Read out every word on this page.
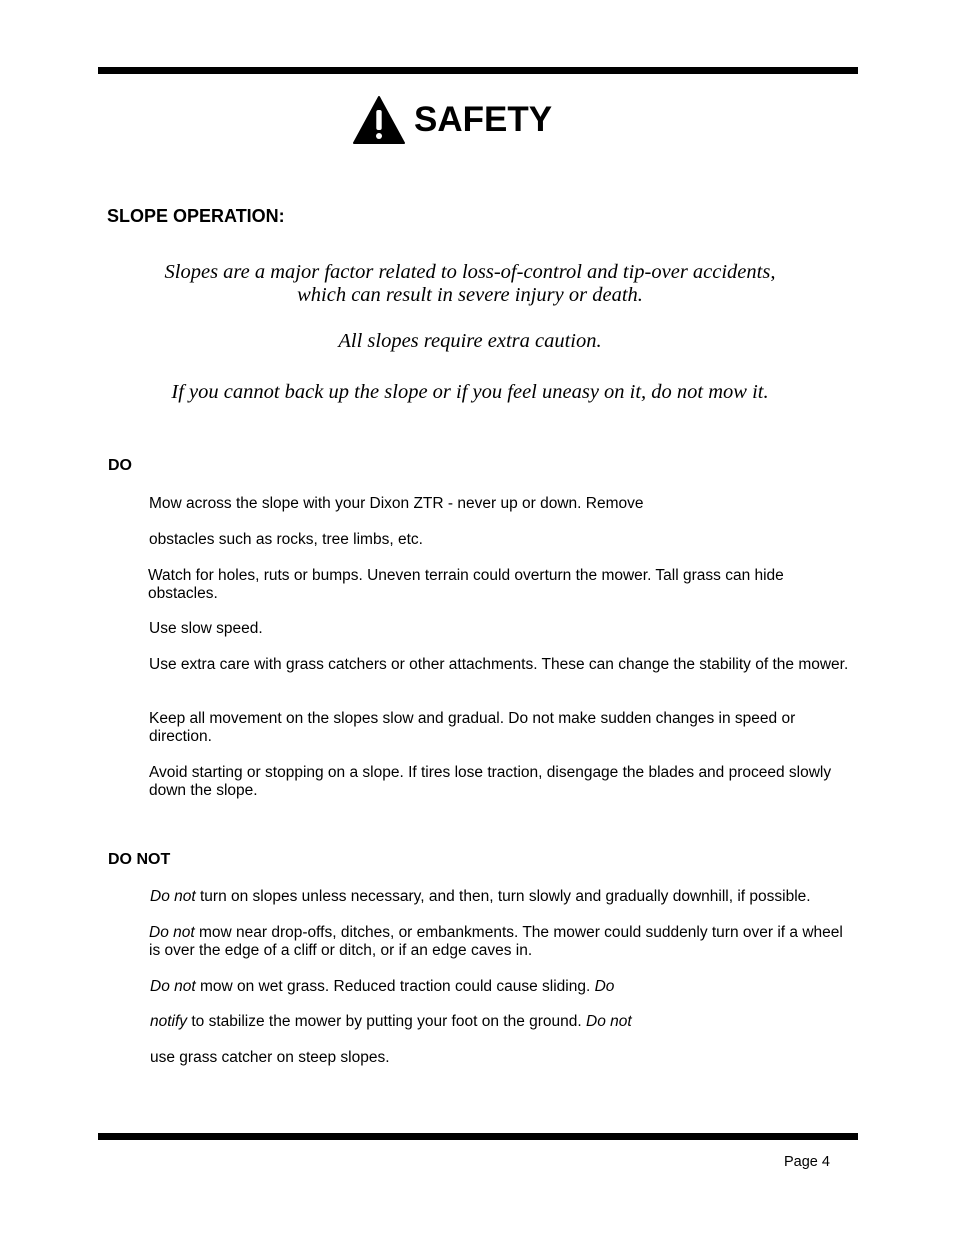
SAFETY
SLOPE OPERATION:
Slopes are a major factor related to loss-of-control and tip-over accidents,
which can result in severe injury or death.
All slopes require extra caution.
If you cannot back up the slope or if you feel uneasy on it, do not mow it.
DO
Mow across the slope with your Dixon ZTR - never up or down. Remove
obstacles such as rocks, tree limbs, etc.
Watch for holes, ruts or bumps. Uneven terrain could overturn the mower. Tall grass can hide obstacles.
Use slow speed.
Use extra care with grass catchers or other attachments. These can change the stability of the mower.
Keep all movement on the slopes slow and gradual. Do not make sudden changes in speed or direction.
Avoid starting or stopping on a slope. If tires lose traction, disengage the blades and proceed slowly down the slope.
DO NOT
Do not turn on slopes unless necessary, and then, turn slowly and gradually downhill, if possible.
Do not mow near drop-offs, ditches, or embankments. The mower could suddenly turn over if a wheel is over the edge of a cliff or ditch, or if an edge caves in.
Do not mow on wet grass. Reduced traction could cause sliding. Do
notify to stabilize the mower by putting your foot on the ground. Do not
use grass catcher on steep slopes.
Page 4
